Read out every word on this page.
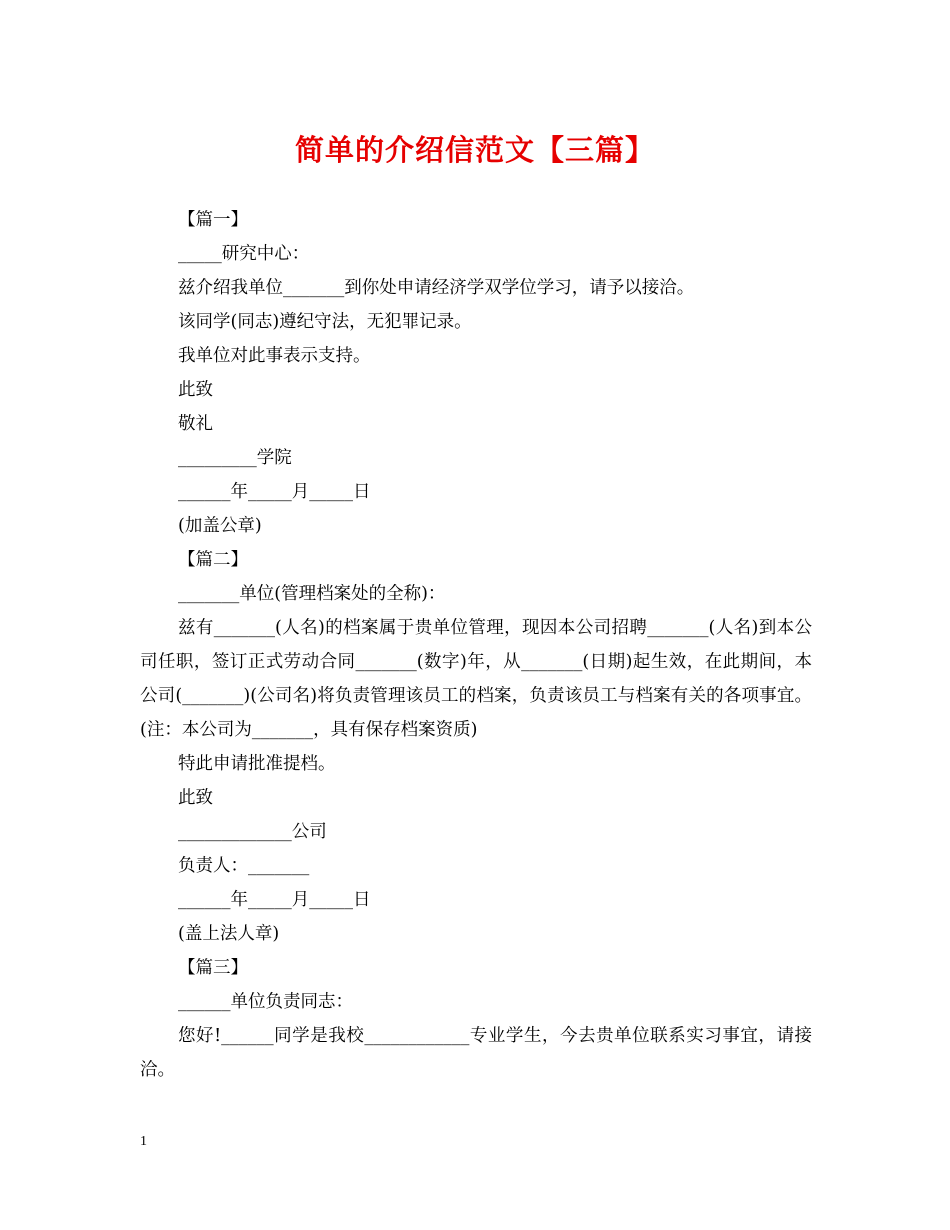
简单的介绍信范文【三篇】
【篇一】
_____研究中心：
兹介绍我单位_______到你处申请经济学双学位学习，请予以接洽。
该同学(同志)遵纪守法，无犯罪记录。
我单位对此事表示支持。
此致
敬礼
_________学院
______年_____月_____日
(加盖公章)
【篇二】
_______单位(管理档案处的全称)：
兹有_______(人名)的档案属于贵单位管理，现因本公司招聘_______(人名)到本公司任职，签订正式劳动合同_______(数字)年，从_______(日期)起生效，在此期间，本公司(_______)(公司名)将负责管理该员工的档案，负责该员工与档案有关的各项事宜。(注：本公司为_______，具有保存档案资质)
特此申请批准提档。
此致
_____________公司
负责人：_______
______年_____月_____日
(盖上法人章)
【篇三】
______单位负责同志：
您好!______同学是我校____________专业学生，今去贵单位联系实习事宜，请接洽。
1
